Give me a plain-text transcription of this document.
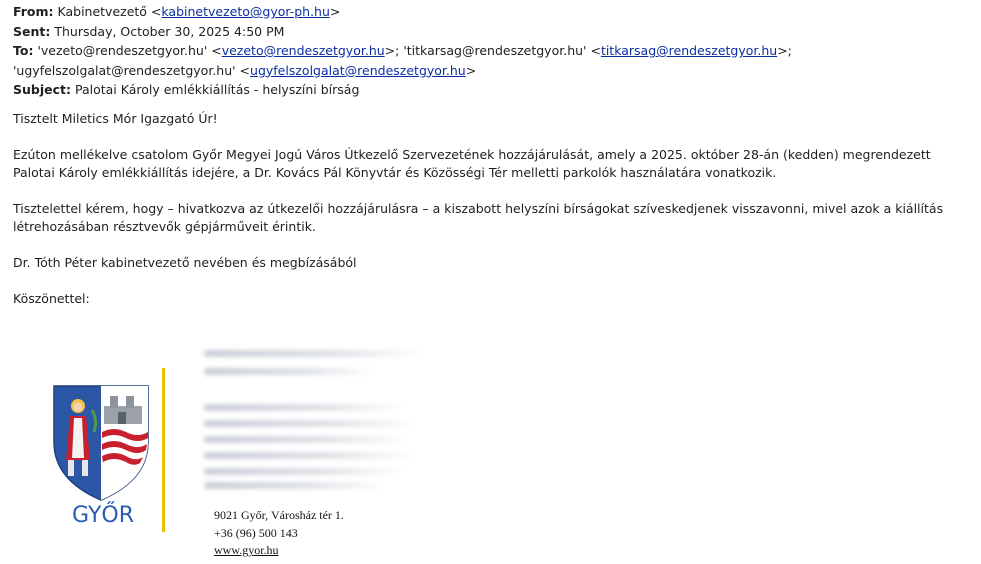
From: Kabinetvezető <kabinetvezeto@gyor-ph.hu>
Sent: Thursday, October 30, 2025 4:50 PM
To: 'vezeto@rendeszetgyor.hu' <vezeto@rendeszetgyor.hu>; 'titkarsag@rendeszetgyor.hu' <titkarsag@rendeszetgyor.hu>; 'ugyfelszolgalat@rendeszetgyor.hu' <ugyfelszolgalat@rendeszetgyor.hu>
Subject: Palotai Károly emlékkiállítás - helyszíni bírság
Tisztelt Miletics Mór Igazgató Úr!
Ezúton mellékelve csatolom Győr Megyei Jogú Város Útkezelő Szervezetének hozzájárulását, amely a 2025. október 28-án (kedden) megrendezett Palotai Károly emlékkiállítás idejére, a Dr. Kovács Pál Könyvtár és Közösségi Tér melletti parkolók használatára vonatkozik.
Tisztelettel kérem, hogy – hivatkozva az útkezelői hozzájárulásra – a kiszabott helyszíni bírságokat szíveskedjenek visszavonni, mivel azok a kiállítás létrehozásában résztvevők gépjárműveit érintik.
Dr. Tóth Péter kabinetvezető nevében és megbízásából
Köszönettel:
GYŐR	9021 Győr, Városház tér 1.
+36 (96) 500 143
www.gyor.hu
